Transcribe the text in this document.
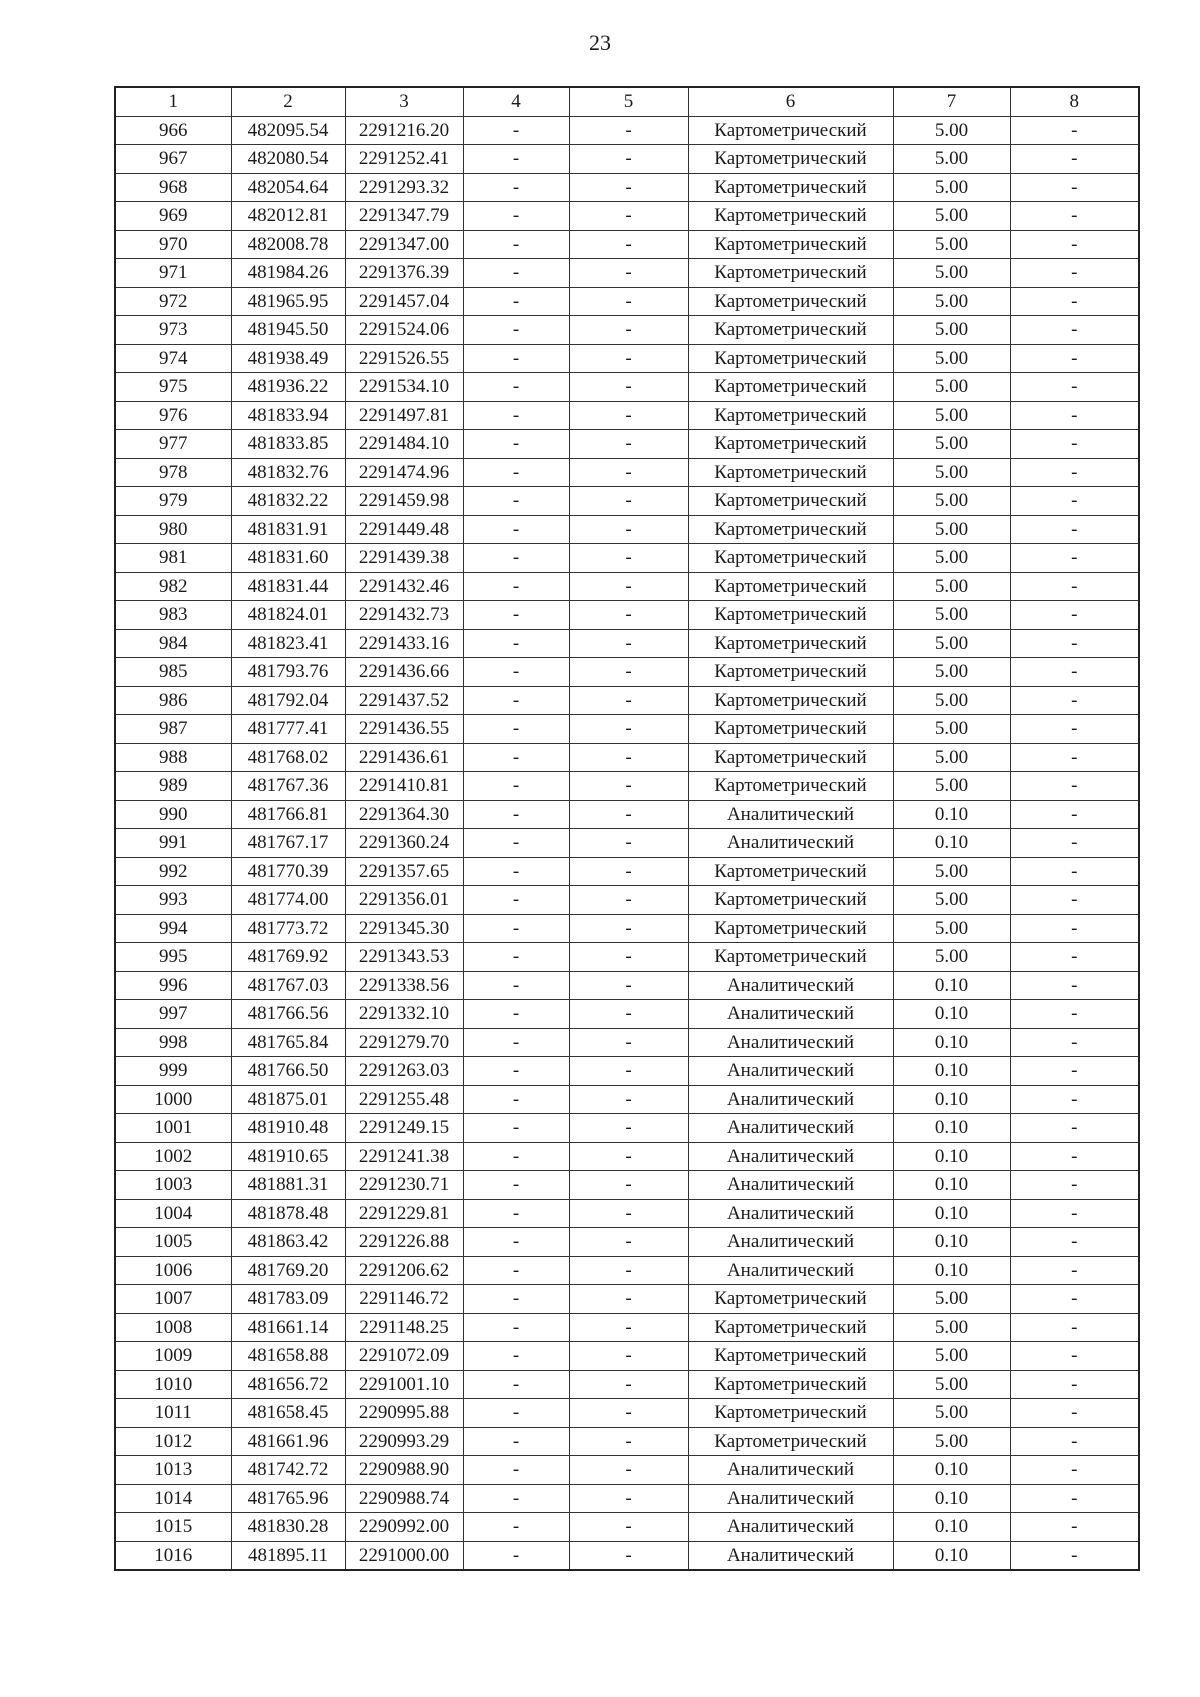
23
1	2	3	4	5	6	7	8
966	482095.54	2291216.20	-	-	Картометрический	5.00	-
967	482080.54	2291252.41	-	-	Картометрический	5.00	-
968	482054.64	2291293.32	-	-	Картометрический	5.00	-
969	482012.81	2291347.79	-	-	Картометрический	5.00	-
970	482008.78	2291347.00	-	-	Картометрический	5.00	-
971	481984.26	2291376.39	-	-	Картометрический	5.00	-
972	481965.95	2291457.04	-	-	Картометрический	5.00	-
973	481945.50	2291524.06	-	-	Картометрический	5.00	-
974	481938.49	2291526.55	-	-	Картометрический	5.00	-
975	481936.22	2291534.10	-	-	Картометрический	5.00	-
976	481833.94	2291497.81	-	-	Картометрический	5.00	-
977	481833.85	2291484.10	-	-	Картометрический	5.00	-
978	481832.76	2291474.96	-	-	Картометрический	5.00	-
979	481832.22	2291459.98	-	-	Картометрический	5.00	-
980	481831.91	2291449.48	-	-	Картометрический	5.00	-
981	481831.60	2291439.38	-	-	Картометрический	5.00	-
982	481831.44	2291432.46	-	-	Картометрический	5.00	-
983	481824.01	2291432.73	-	-	Картометрический	5.00	-
984	481823.41	2291433.16	-	-	Картометрический	5.00	-
985	481793.76	2291436.66	-	-	Картометрический	5.00	-
986	481792.04	2291437.52	-	-	Картометрический	5.00	-
987	481777.41	2291436.55	-	-	Картометрический	5.00	-
988	481768.02	2291436.61	-	-	Картометрический	5.00	-
989	481767.36	2291410.81	-	-	Картометрический	5.00	-
990	481766.81	2291364.30	-	-	Аналитический	0.10	-
991	481767.17	2291360.24	-	-	Аналитический	0.10	-
992	481770.39	2291357.65	-	-	Картометрический	5.00	-
993	481774.00	2291356.01	-	-	Картометрический	5.00	-
994	481773.72	2291345.30	-	-	Картометрический	5.00	-
995	481769.92	2291343.53	-	-	Картометрический	5.00	-
996	481767.03	2291338.56	-	-	Аналитический	0.10	-
997	481766.56	2291332.10	-	-	Аналитический	0.10	-
998	481765.84	2291279.70	-	-	Аналитический	0.10	-
999	481766.50	2291263.03	-	-	Аналитический	0.10	-
1000	481875.01	2291255.48	-	-	Аналитический	0.10	-
1001	481910.48	2291249.15	-	-	Аналитический	0.10	-
1002	481910.65	2291241.38	-	-	Аналитический	0.10	-
1003	481881.31	2291230.71	-	-	Аналитический	0.10	-
1004	481878.48	2291229.81	-	-	Аналитический	0.10	-
1005	481863.42	2291226.88	-	-	Аналитический	0.10	-
1006	481769.20	2291206.62	-	-	Аналитический	0.10	-
1007	481783.09	2291146.72	-	-	Картометрический	5.00	-
1008	481661.14	2291148.25	-	-	Картометрический	5.00	-
1009	481658.88	2291072.09	-	-	Картометрический	5.00	-
1010	481656.72	2291001.10	-	-	Картометрический	5.00	-
1011	481658.45	2290995.88	-	-	Картометрический	5.00	-
1012	481661.96	2290993.29	-	-	Картометрический	5.00	-
1013	481742.72	2290988.90	-	-	Аналитический	0.10	-
1014	481765.96	2290988.74	-	-	Аналитический	0.10	-
1015	481830.28	2290992.00	-	-	Аналитический	0.10	-
1016	481895.11	2291000.00	-	-	Аналитический	0.10	-
